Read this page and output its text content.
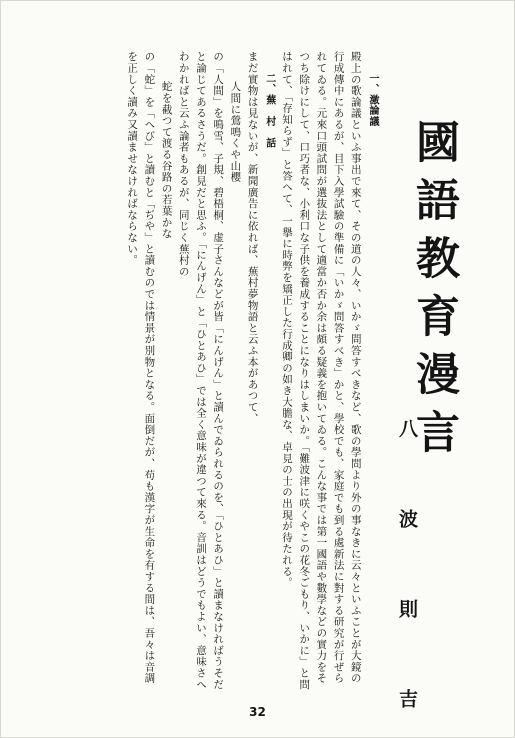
國語教育漫言
八　波　則　吉

一、激論議

殿上の歌論議といふ事出で來て、その道の人々、いかゞ問答すべきなど、歌の學問より外の事なきに云々といふことが大鏡の行成傳中にあるが、目下入學試驗の準備に「いかゞ問答すべき」かと、學校でも、家庭でも到る處新法に對する研究が行ぜられてゐる。元來口頭試問が選抜法として適當か否か余は頗る疑義を抱いてゐる。こんな事では第一國語や數學などの實力をそつち除けにして、口巧者な、小利口な子供を養成することになりはしまいか。「難波津に咲くやこの花冬ごもり、いかに」と問はれて、「存知らず」と答へて、一擧に時弊を矯正した行成卿の如き大膽な、卓見の士の出現が待たれる。

二、蕪　村　話

まだ實物は見ないが、新聞廣告に依れば、蕪村夢物語と云ふ本があつて、

人間に鶯鳴くや山櫻

の「人間」を鳴雪、子規、碧梧桐、虚子さんなどが皆「にんげん」と讀んでゐられるのを、「ひとあひ」と讀まなければうそだと論じてあるさうだ。創見だと思ふ。「にんげん」と「ひとあひ」では全く意味が違つて來る。音訓はどうでもよい、意味さへわかればと云ふ論者もあるが、同じく蕪村の

蛇を截つて渡る谷路の若葉かな

の「蛇」を「へび」と讀むと「ぢや」と讀むのでは情景が別物となる。面倒だが、苟も漢字が生命を有する間は、吾々は音調を正しく讀み又讀ませなければならない。

32
